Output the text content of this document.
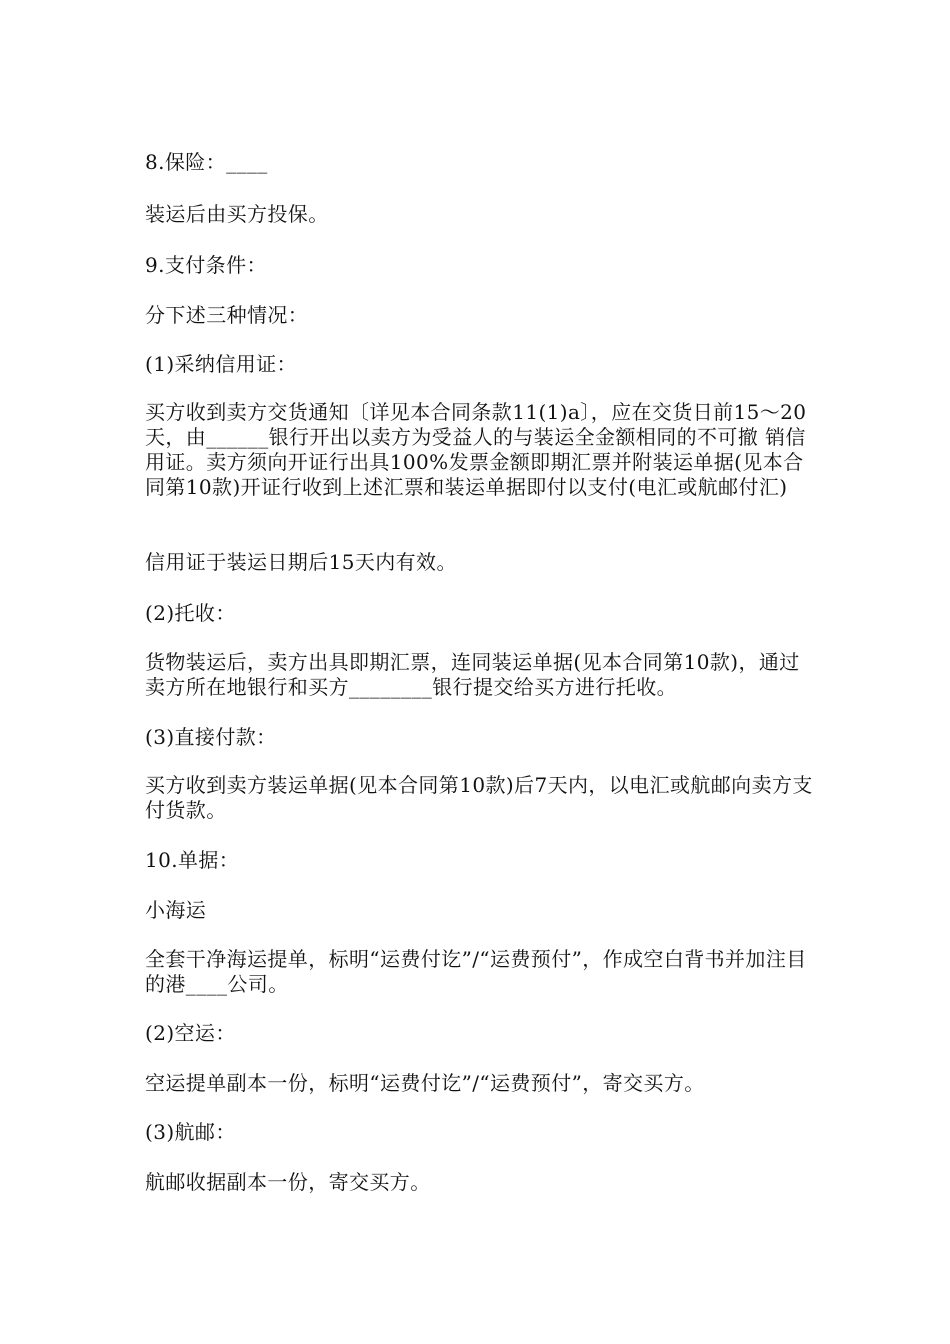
8.保险：____

装运后由买方投保。

9.支付条件：

分下述三种情况：

(1)采纳信用证：

买方收到卖方交货通知〔详见本合同条款11(1)a〕，应在交货日前15～20天，由______银行开出以卖方为受益人的与装运全金额相同的不可撤 销信用证。卖方须向开证行出具100%发票金额即期汇票并附装运单据(见本合同第10款)开证行收到上述汇票和装运单据即付以支付(电汇或航邮付汇)

信用证于装运日期后15天内有效。

(2)托收：

货物装运后，卖方出具即期汇票，连同装运单据(见本合同第10款)，通过卖方所在地银行和买方________银行提交给买方进行托收。

(3)直接付款：

买方收到卖方装运单据(见本合同第10款)后7天内，以电汇或航邮向卖方支付货款。

10.单据：

小海运

全套干净海运提单，标明“运费付讫”/“运费预付”，作成空白背书并加注目的港____公司。

(2)空运：

空运提单副本一份，标明“运费付讫”/“运费预付”，寄交买方。

(3)航邮：

航邮收据副本一份，寄交买方。
